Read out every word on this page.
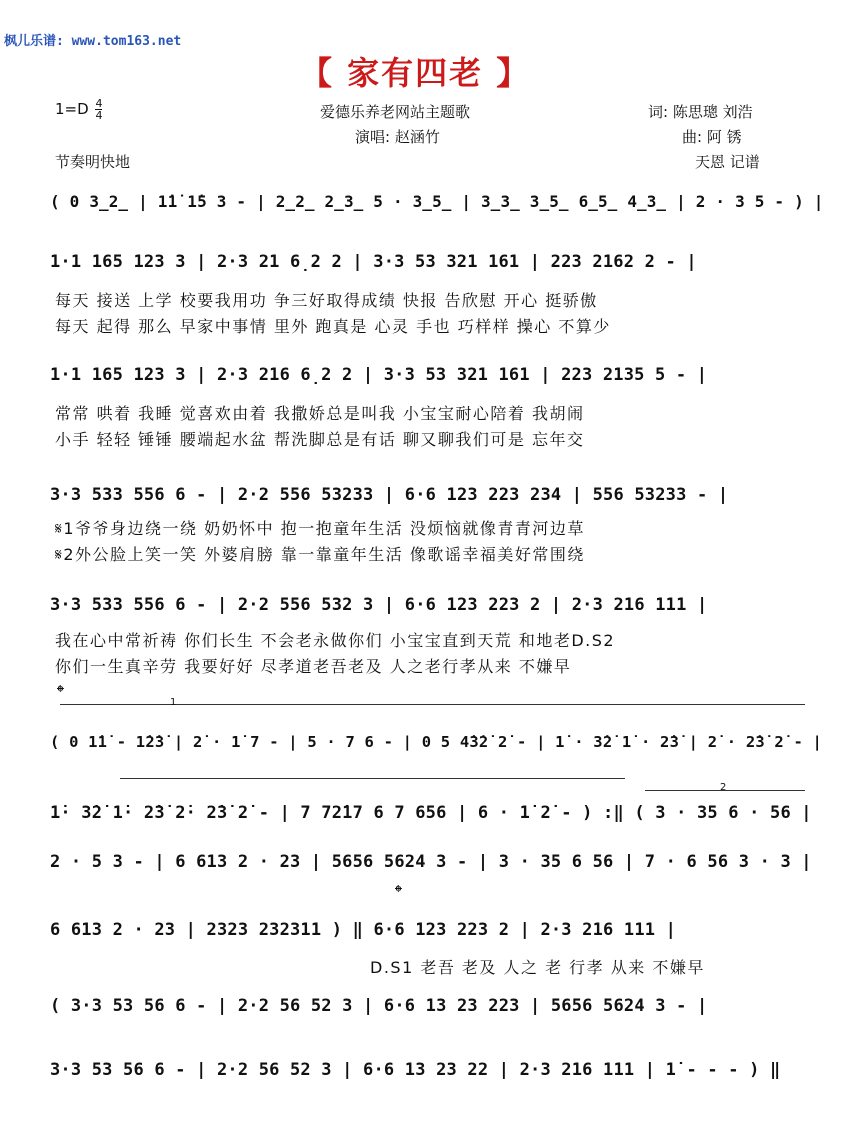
枫儿乐谱: www.tom163.net
【 家有四老 】
$1=D \frac{4}{4}$	爱德乐养老网站主题歌
演唱: 赵涵竹
词: 陈思璁 刘浩
曲: 阿 锈
天恩 记谱
节奏明快地
( 0 3̲2̲ | 1̇1̇ 1̇5 3 - | 2̲2̲ 2̲3̲ 5 · 3̲5̲ | 3̲3̲ 3̲5̲ 6̲5̲ 4̲3̲ | 2 · 3 5 - ) |
1·1 165 123 3 | 2·3 21 6̣2 2 | 3·3 53 321 161 | 223 2162 2 - |
每天 接送 上学 校要我用功 争三好取得成绩 快报 告欣慰 开心 挺骄傲
每天 起得 那么 早家中事情 里外 跑真是 心灵 手也 巧样样 操心 不算少
1·1 165 123 3 | 2·3 216 6̣2 2 | 3·3 53 321 161 | 223 2135 5 - |
常常 哄着 我睡 觉喜欢由着 我撒娇总是叫我 小宝宝耐心陪着 我胡闹
小手 轻轻 锤锤 腰端起水盆 帮洗脚总是有话 聊又聊我们可是 忘年交
3·3 533 556 6 - | 2·2 556 53233 | 6·6 123 223 234 | 556 53233 - |
𝄋1爷爷身边绕一绕 奶奶怀中 抱一抱童年生活 没烦恼就像青青河边草
𝄋2外公脸上笑一笑 外婆肩膀 靠一靠童年生活 像歌谣幸福美好常围绕
3·3 533 556 6 - | 2·2 556 532 3 | 6·6 123 223 2 | 2·3 216 111 |
我在心中常祈祷 你们长生 不会老永做你们 小宝宝直到天荒 和地老D.S2
你们一生真辛劳 我要好好 尽孝道老吾老及 人之老行孝从来 不嫌早
𝄌	1
( 0 1̇1̇ - 1̇2̇3̇ | 2̇ · 1̇ 7 - | 5 · 7 6 - | 0 5 4̇3̇2̇ 2̇ - | 1̇ · 3̇2̇ 1̇ · 2̇3̇ | 2̇ · 2̇3̇ 2̇ - |
2
1̇· 3̇2̇ 1̇· 2̇3̇ 2̇· 2̇3̇ 2̇ - | 7 72̇17 6 7 656 | 6 · 1̇ 2̇ - ) :‖ ( 3 · 35 6 · 56 |
2 · 5 3 - | 6 613 2 · 23 | 5656 5624 3 - | 3 · 35 6 56 | 7 · 6 56 3 · 3 |
𝄌
6 613 2 · 23 | 2323 232311 ) ‖ 6·6 123 223 2 | 2·3 216 111 |
D.S1 老吾 老及 人之 老 行孝 从来 不嫌早
( 3·3 53 56 6 - | 2·2 56 52 3 | 6·6 13 23 223 | 5656 5624 3 - |
3·3 53 56 6 - | 2·2 56 52 3 | 6·6 13 23 22 | 2·3 216 111 | 1̇ - - - ) ‖
